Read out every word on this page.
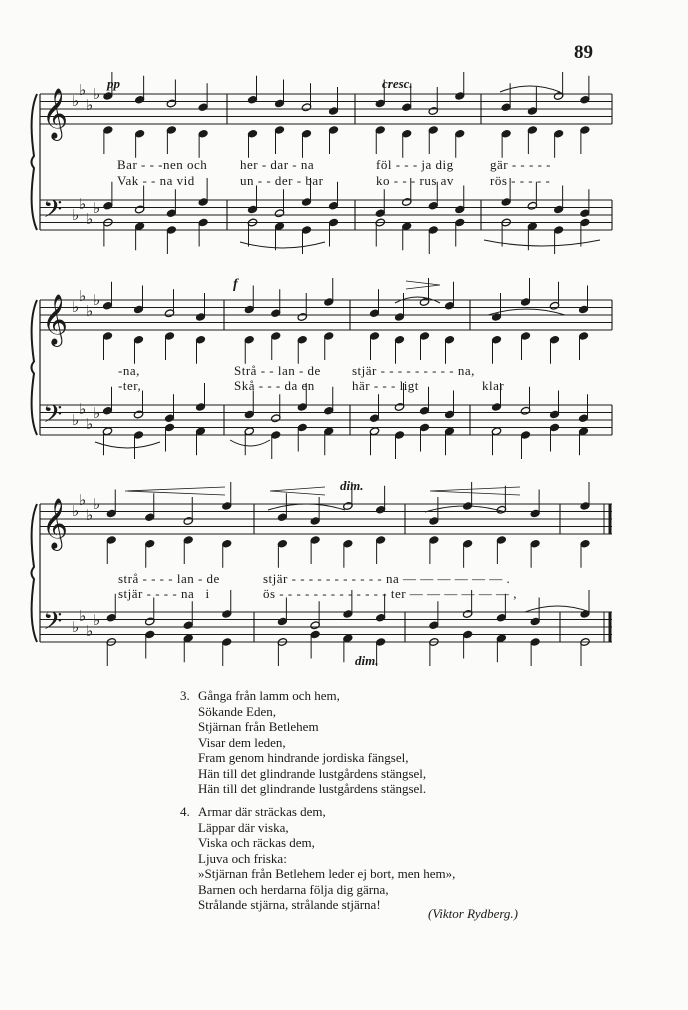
89
𝄞
𝄢
♭
♭
♭
♭
♭
♭
♭
♭
𝄞
𝄢
♭
♭
♭
♭
♭
♭
♭
♭
𝄞
𝄢
♭
♭
♭
♭
♭
♭
♭
♭
pp	cresc.
f
dim.
dim.
Bar - - -nen och	her - dar - na	föl - - - ja dig	gär - - - - -
Vak - - na vid	un - - der - bar	ko - - - rus av	rös - - - - -
-na,	Strå - - lan - de stjär - - - - - - - - - na,
-ter,	Skå - - - da en	här - - - ligt	klar
strå - - - - lan - de	stjär - - - - - - - - - - - na — — — — — — .
stjär - - - - na   i	ös - - - - - - - - - - - - - ter — — — — — — ,
3. Gånga från lamm och hem,
Sökande Eden,
Stjärnan från Betlehem
Visar dem leden,
Fram genom hindrande jordiska fängsel,
Hän till det glindrande lustgårdens stängsel,
Hän till det glindrande lustgårdens stängsel.
4. Armar där sträckas dem,
Läppar där viska,
Viska och räckas dem,
Ljuva och friska:
»Stjärnan från Betlehem leder ej bort, men hem»,
Barnen och herdarna följa dig gärna,
Strålande stjärna, strålande stjärna!
(Viktor Rydberg.)
